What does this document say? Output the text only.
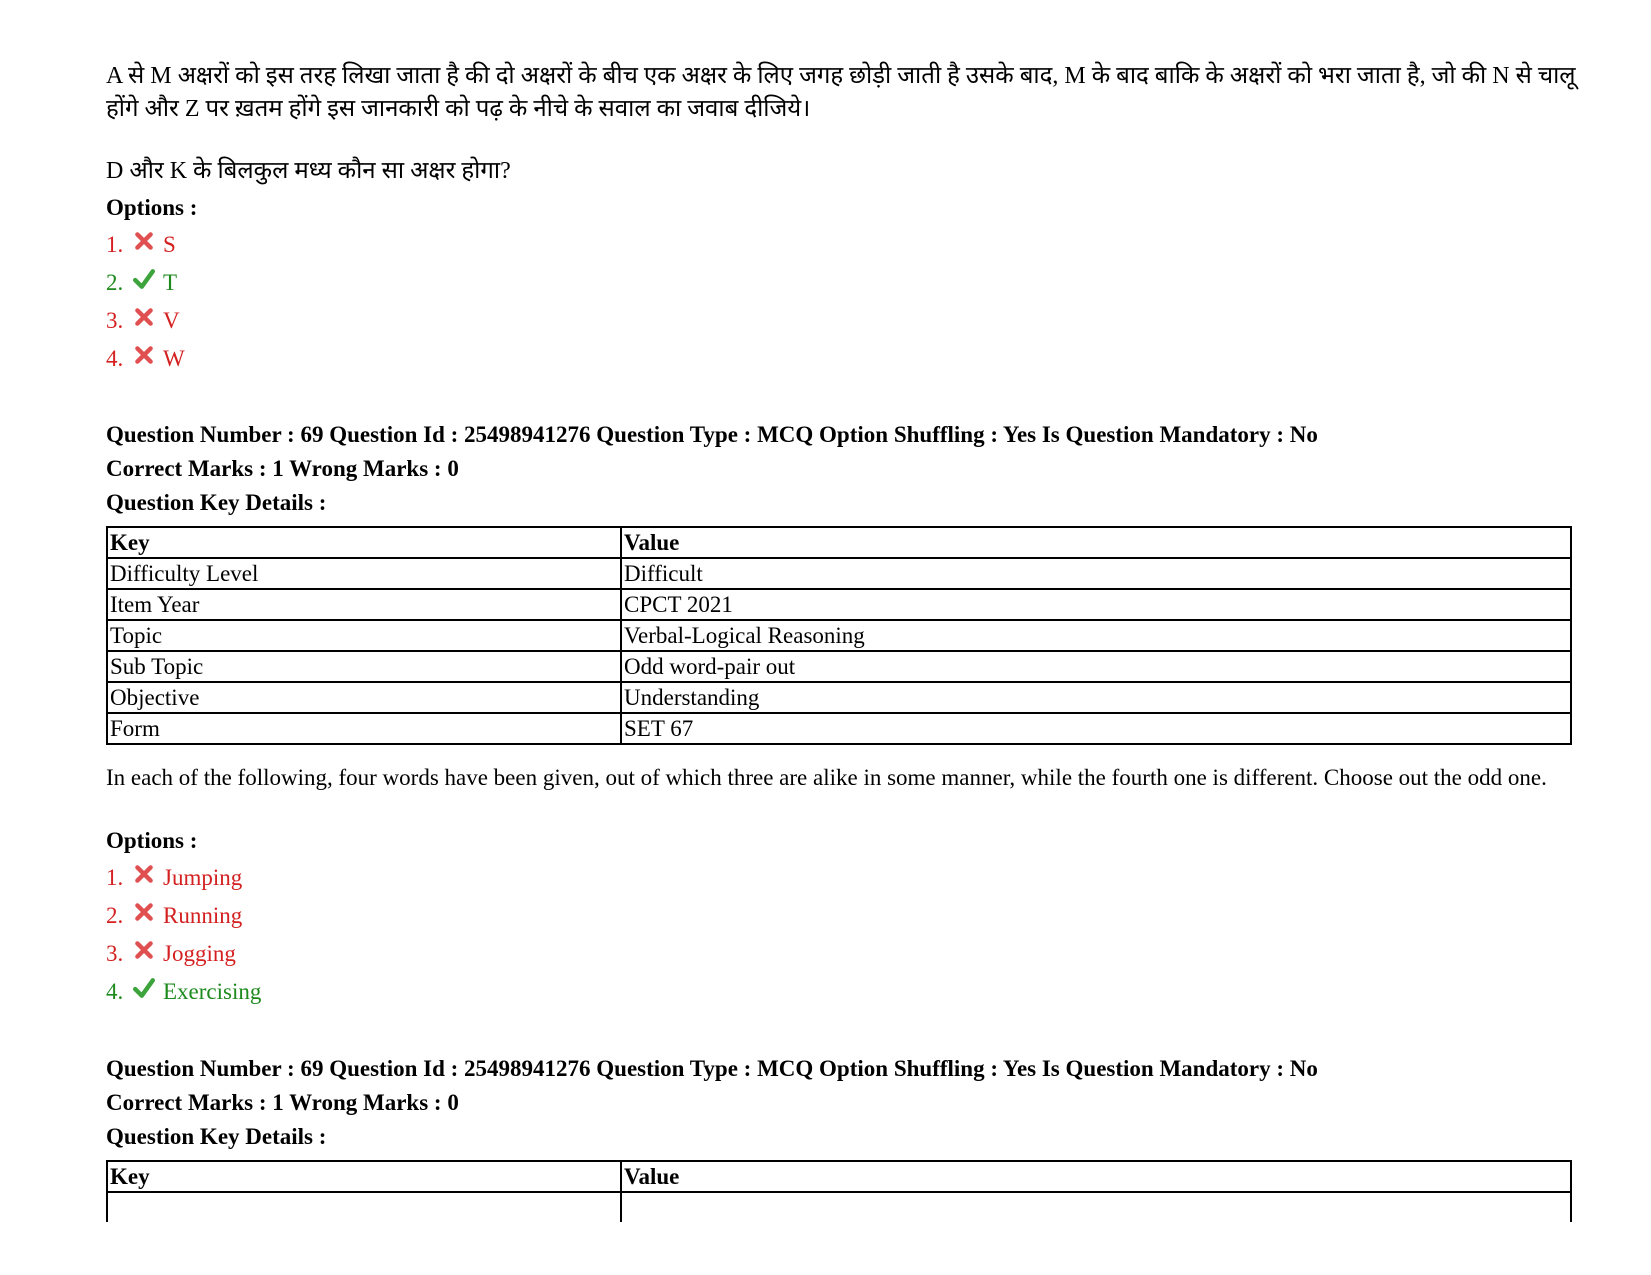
A से M अक्षरों को इस तरह लिखा जाता है की दो अक्षरों के बीच एक अक्षर के लिए जगह छोड़ी जाती है उसके बाद, M के बाद बाकि के अक्षरों को भरा जाता है, जो की N से चालू होंगे और Z पर ख़तम होंगे इस जानकारी को पढ़ के नीचे के सवाल का जवाब दीजिये।
D और K के बिलकुल मध्य कौन सा अक्षर होगा?
Options :
1. S
2. T
3. V
4. W
Question Number : 69 Question Id : 25498941276 Question Type : MCQ Option Shuffling : Yes Is Question Mandatory : No
Correct Marks : 1 Wrong Marks : 0
Question Key Details :
Key	Value
Difficulty Level	Difficult
Item Year	CPCT 2021
Topic	Verbal-Logical Reasoning
Sub Topic	Odd word-pair out
Objective	Understanding
Form	SET 67
In each of the following, four words have been given, out of which three are alike in some manner, while the fourth one is different. Choose out the odd one.
Options :
1. Jumping
2. Running
3. Jogging
4. Exercising
Question Number : 69 Question Id : 25498941276 Question Type : MCQ Option Shuffling : Yes Is Question Mandatory : No
Correct Marks : 1 Wrong Marks : 0
Question Key Details :
Key	Value
